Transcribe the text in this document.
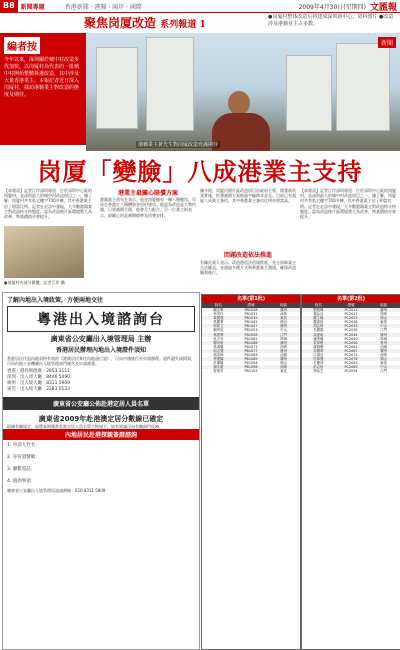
B8	新聞專題	香港新聞 · 港聞 · 兩岸 · 國際	2009年4月30日(星期四) 文匯報
聚焦岗厦改造 系列報道 1
●岗厦村整体改造后将建成深圳新中心。资料图片 ●改造涉及港籍业主占多数。
編者按
今年以來，深圳關於城中村改造步伐加快，以岗厦村為代表的一批城中村開始整體拆遷改造，其中涉及大量香港業主。本報記者近日深入岗厦村，採訪港籍業主對改造的態度及期待。
新聞
港籍業主黃先生對岗厦改造充滿期待
岗厦「變臉」八成港業主支持
【本報訊】記者江岸深圳報道：位於深圳中心區的岗厦村，是深圳最大的城中村改造項目之一。據了解，岗厦村共有私宅樓宇700多棟，其中香港業主佔了相當比例。記者在走訪中發現，大多數港籍業主對改造持支持態度，認為改造後片區環境將大為改善，物業價值亦會提升。
港業主最關心賠償方案
港籍業主黃先生表示，他在岗厦擁有一棟六層樓房，早年在香港打工積攢資金回村建房。他認為改造是大勢所趨，只要補償合理，他會全力配合。另一位業主則表示，最關心的是補償標準及回遷安排。
據介紹，岗厦河園片區改造項目由政府主導，開發商負責實施，拆遷補償方案經過多輪徵求意見。目前已有超過八成業主簽約，其中香港業主簽約比例亦相當高。
問題改造依法推進
有關負責人表示，改造將依法依規推進，充分保障業主合法權益，並通過多種方式與香港業主溝通，確保改造順利進行。
【本報訊】記者江岸深圳報道：位於深圳中心區的岗厦村，是深圳最大的城中村改造項目之一。據了解，岗厦村共有私宅樓宇700多棟，其中香港業主佔了相當比例。記者在走訪中發現，大多數港籍業主對改造持支持態度，認為改造後片區環境將大為改善，物業價值亦會提升。
●岗厦村內部分舊樓。記者江岸 攝
了解內地出入境政策，方便兩地交往
粵港出入境諮詢台
廣東省公安廳出入境管理局 主辦
香港居民辦理內地出入境證件須知
香港居民往返內地須持有效的《港澳居民來往內地通行證》，可向中國旅行社申請辦理。證件遺失或損毀，可向內地公安機關出入境管理部門報告及申請補發。
香港 · 港島辦理處 : 2853 3111
深圳 · 出入境大廳 : 8446 5490
廣州 · 出入境大廳 : 8311 5909
東莞 · 出入境大廳 : 2283 0133
廣東省公安廳公佈赴港定居人員名單
廣東省2009年赴港澳定居分數線已確定
根據有關規定，現將本期獲准赴港定居人員名單公佈如下，如有異議可向有關部門反映。
內地居民赴港探親簽證諮詢
1. 申請人姓名：
2. 身份證號碼：
3. 聯繫電話：
4. 諮詢事項：
廣東省公安廳出入境管理局諮詢熱線 : 020 8311 5909
名單(第1批)
姓名	證號	地區
陳志明	PB1028	廣州
李美玲	PB1031	深圳
黃國強	PB1035	東莞
張麗華	PB1042	佛山
何偉文	PB1047	廣州
劉秀英	PB1053	中山
林建華	PB1058	江門
吳少芬	PB1061	珠海
鄭家豪	PB1066	廣州
梁淑儀	PB1072	深圳
周志強	PB1077	惠州
馮美珍	PB1083	汕頭
蔡俊傑	PB1089	廣州
許潔儀	PB1094	佛山
謝永康	PB1098	深圳
曾惠芳	PB1103	東莞
名單(第2批)
姓名	證號	地區
鄧振輝	PC2011	廣州
葉詠詩	PC2017	深圳
蘇文傑	PC2022	佛山
羅嘉欣	PC2028	東莞
胡志偉	PC2033	中山
朱麗娟	PC2039	江門
高建明	PC2044	廣州
潘美儀	PC2050	珠海
袁家俊	PC2056	惠州
盧佩珊	PC2061	汕頭
余國華	PC2067	廣州
江淑貞	PC2072	深圳
杜偉強	PC2078	佛山
方麗萍	PC2083	東莞
彭志豪	PC2089	中山
徐詠芝	PC2094	江門
